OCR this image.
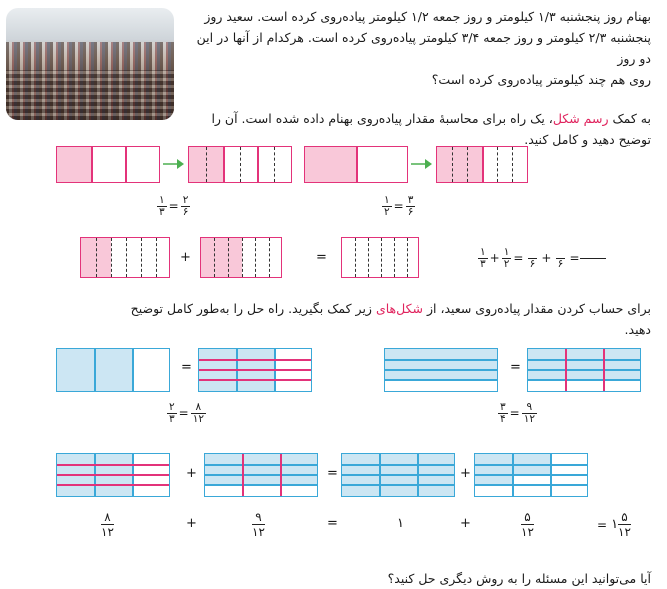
بهنام روز پنجشنبه ۱/۳ کیلومتر و روز جمعه ۱/۲ کیلومتر پیاده‌روی کرده است. سعید روز
پنجشنبه ۲/۳ کیلومتر و روز جمعه ۳/۴ کیلومتر پیاده‌روی کرده است. هرکدام از آنها در این دو روز
روی هم چند کیلومتر پیاده‌روی کرده است؟
به کمک رسم شکل، یک راه برای محاسبهٔ مقدار پیاده‌روی بهنام داده شده است. آن را
توضیح دهید و کامل کنید.
$\frac{۱}{۳} = \frac{۲}{۶}$	$\frac{۱}{۲} = \frac{۳}{۶}$
+	=	$\frac{۱}{۳} + \frac{۱}{۲}$ =
۶ +
۶ =
برای حساب کردن مقدار پیاده‌روی سعید، از شکل‌های زیر کمک بگیرید. راه حل را به‌طور کامل توضیح دهید.
=	=
$\frac{۲}{۳} = \frac{۸}{۱۲}$	$\frac{۳}{۴} = \frac{۹}{۱۲}$
+	=	+
۸
۱۲
+	۹
۱۲
=	۱	+	۵
۱۲
= ۱ ۵
۱۲
آیا می‌توانید این مسئله را به روش دیگری حل کنید؟
